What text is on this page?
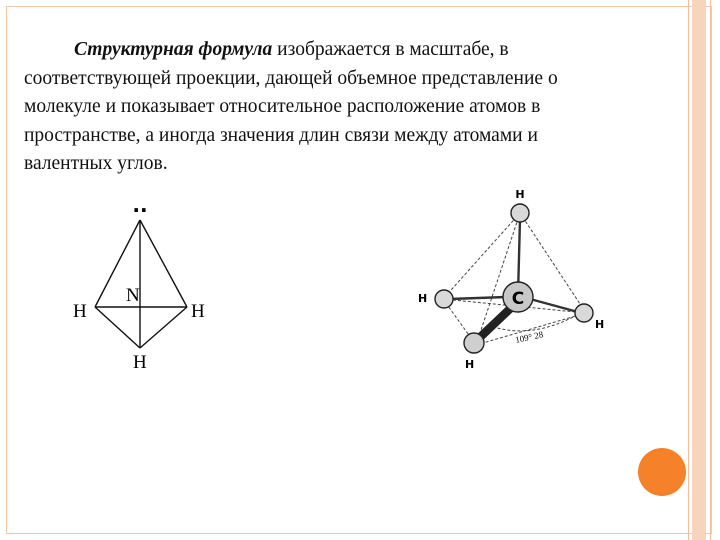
Структурная формула изображается в масштабе, в
соответствующей проекции, дающей объемное представление о
молекуле и показывает относительное расположение атомов в
пространстве, а иногда значения длин связи между атомами и
валентных углов.
..
N
H	H
H
C
H
H
H
H
109° 28
